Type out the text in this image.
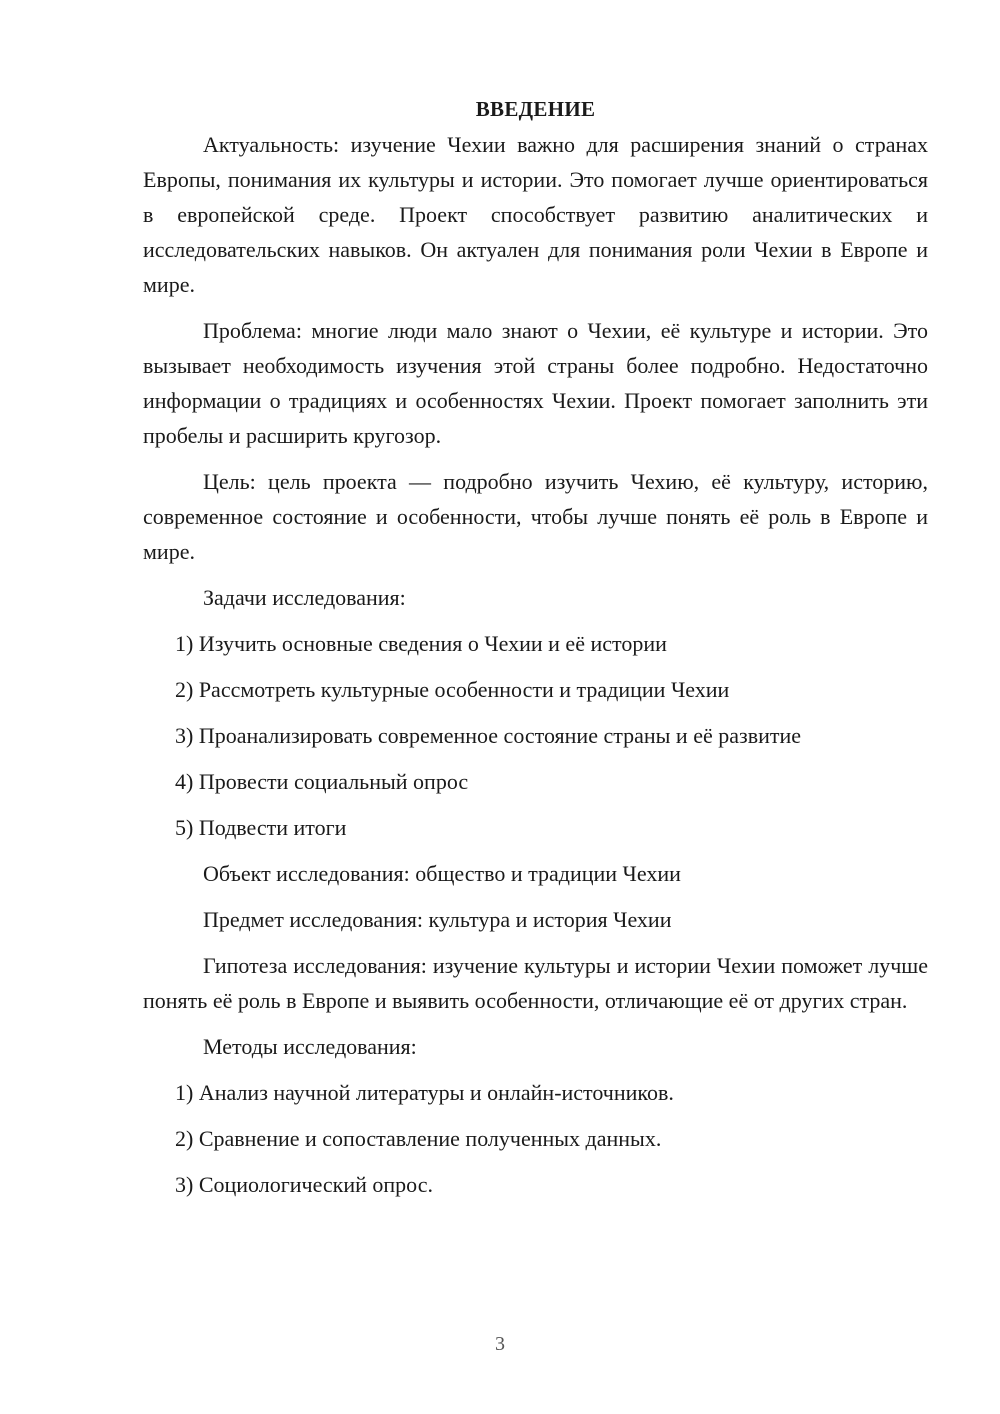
ВВЕДЕНИЕ

Актуальность: изучение Чехии важно для расширения знаний о странах Европы, понимания их культуры и истории. Это помогает лучше ориентироваться в европейской среде. Проект способствует развитию аналитических и исследовательских навыков. Он актуален для понимания роли Чехии в Европе и мире.

Проблема: многие люди мало знают о Чехии, её культуре и истории. Это вызывает необходимость изучения этой страны более подробно. Недостаточно информации о традициях и особенностях Чехии. Проект помогает заполнить эти пробелы и расширить кругозор.

Цель: цель проекта — подробно изучить Чехию, её культуру, историю, современное состояние и особенности, чтобы лучше понять её роль в Европе и мире.

Задачи исследования:
1) Изучить основные сведения о Чехии и её истории
2) Рассмотреть культурные особенности и традиции Чехии
3) Проанализировать современное состояние страны и её развитие
4) Провести социальный опрос
5) Подвести итоги
Объект исследования: общество и традиции Чехии
Предмет исследования: культура и история Чехии

Гипотеза исследования: изучение культуры и истории Чехии поможет лучше понять её роль в Европе и выявить особенности, отличающие её от других стран.

Методы исследования:
1) Анализ научной литературы и онлайн-источников.
2) Сравнение и сопоставление полученных данных.
3) Социологический опрос.
3
